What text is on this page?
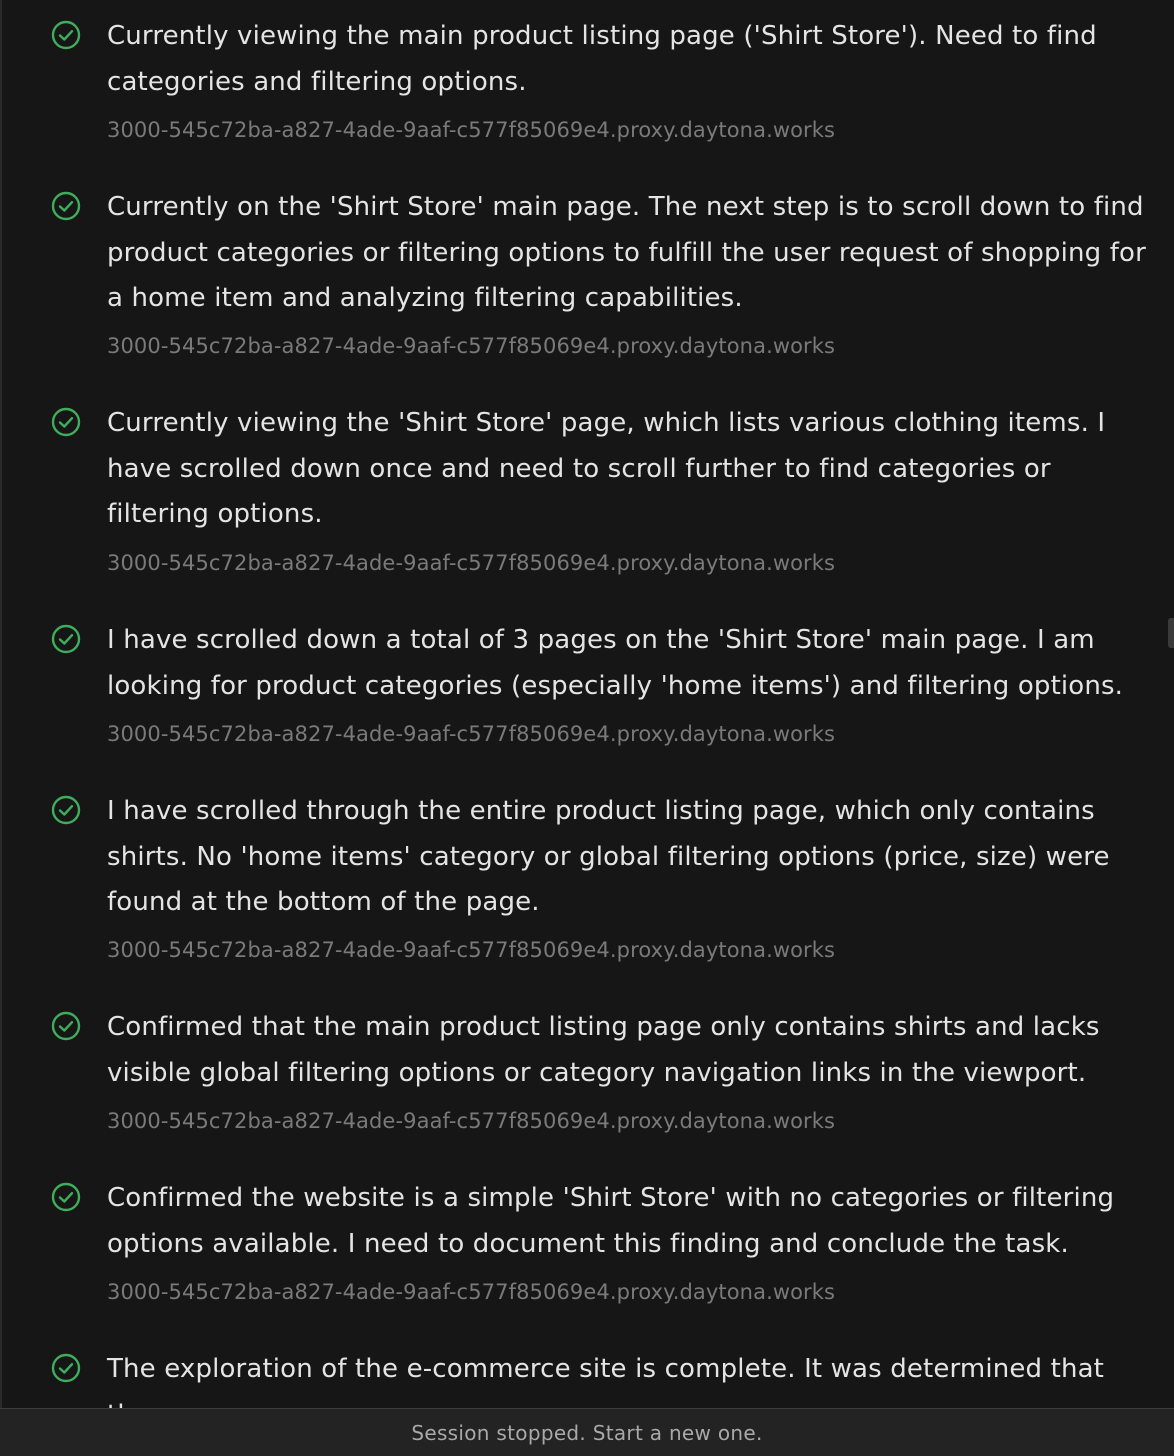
Currently viewing the main product listing page ('Shirt Store'). Need to find categories and filtering options.
3000-545c72ba-a827-4ade-9aaf-c577f85069e4.proxy.daytona.works
Currently on the 'Shirt Store' main page. The next step is to scroll down to find product categories or filtering options to fulfill the user request of shopping for a home item and analyzing filtering capabilities.
3000-545c72ba-a827-4ade-9aaf-c577f85069e4.proxy.daytona.works
Currently viewing the 'Shirt Store' page, which lists various clothing items. I have scrolled down once and need to scroll further to find categories or filtering options.
3000-545c72ba-a827-4ade-9aaf-c577f85069e4.proxy.daytona.works
I have scrolled down a total of 3 pages on the 'Shirt Store' main page. I am looking for product categories (especially 'home items') and filtering options.
3000-545c72ba-a827-4ade-9aaf-c577f85069e4.proxy.daytona.works
I have scrolled through the entire product listing page, which only contains shirts. No 'home items' category or global filtering options (price, size) were found at the bottom of the page.
3000-545c72ba-a827-4ade-9aaf-c577f85069e4.proxy.daytona.works
Confirmed that the main product listing page only contains shirts and lacks visible global filtering options or category navigation links in the viewport.
3000-545c72ba-a827-4ade-9aaf-c577f85069e4.proxy.daytona.works
Confirmed the website is a simple 'Shirt Store' with no categories or filtering options available. I need to document this finding and conclude the task.
3000-545c72ba-a827-4ade-9aaf-c577f85069e4.proxy.daytona.works
The exploration of the e-commerce site is complete. It was determined that
Session stopped. Start a new one.
